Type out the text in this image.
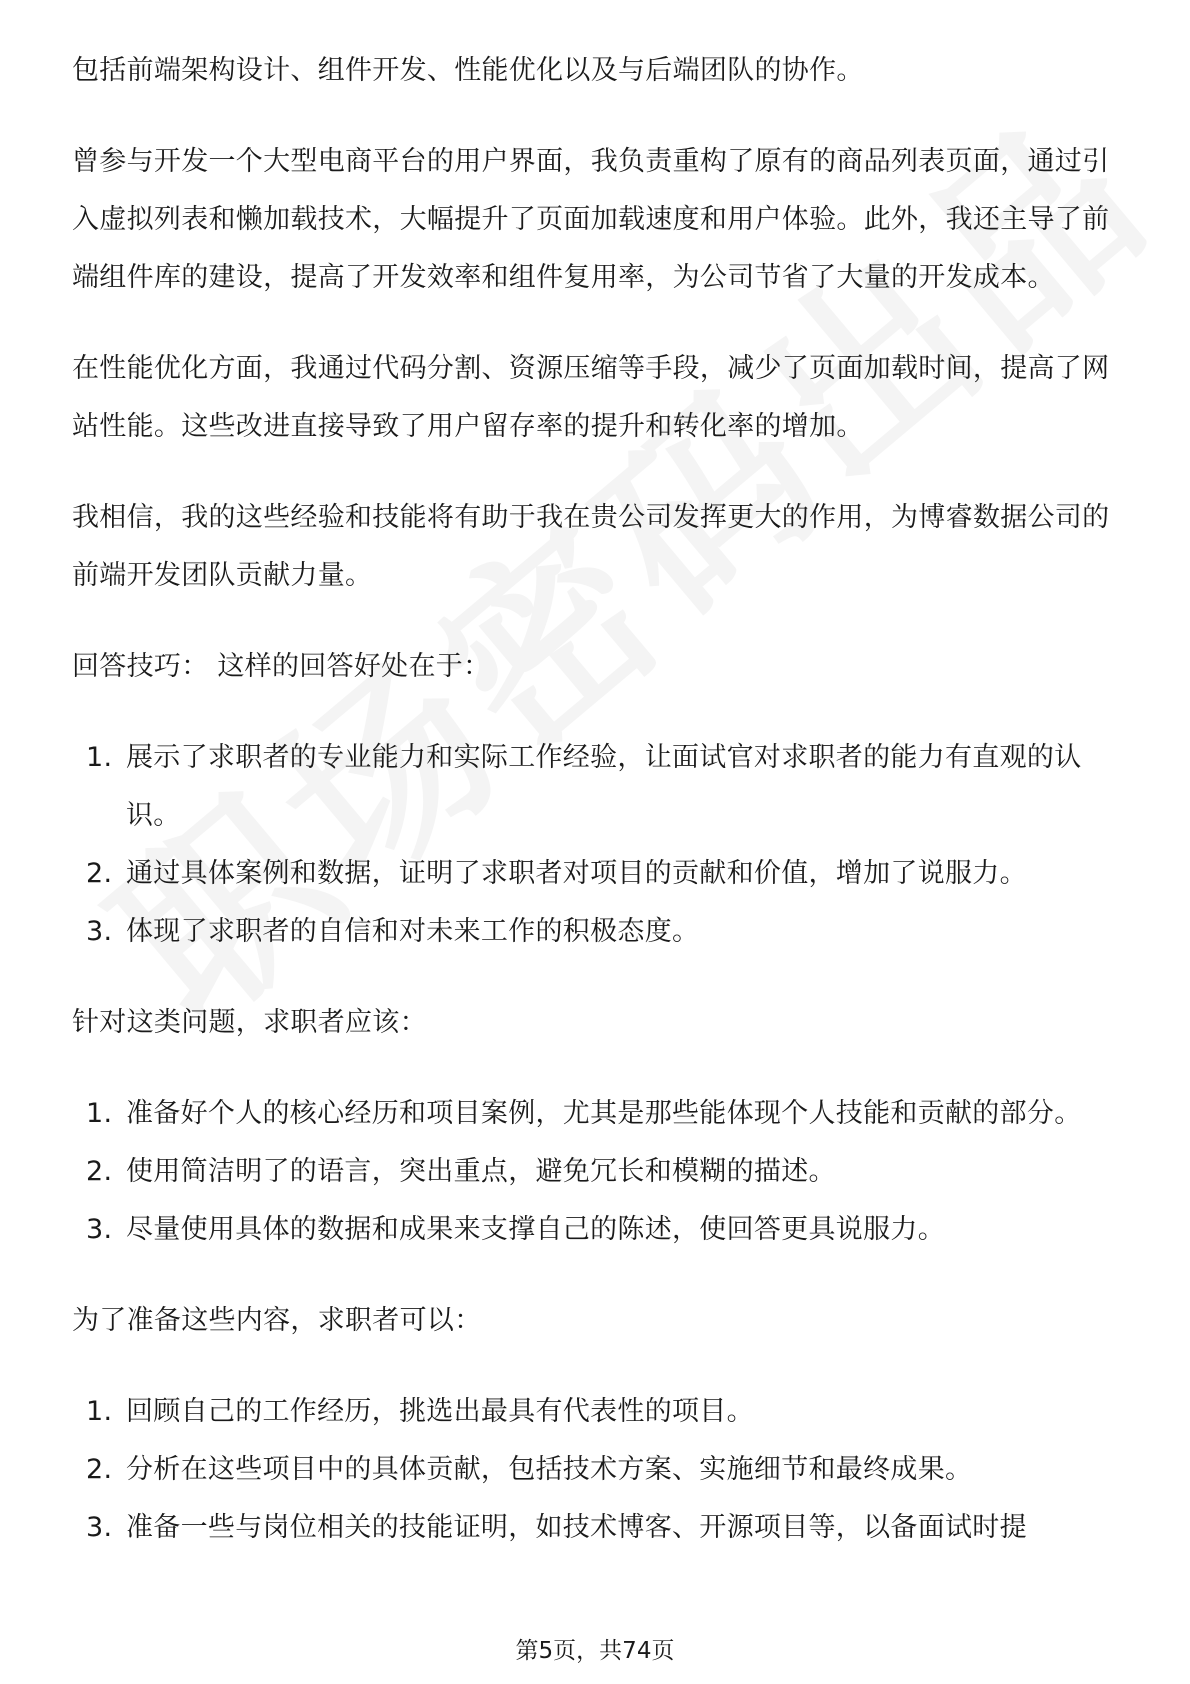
包括前端架构设计、组件开发、性能优化以及与后端团队的协作。

曾参与开发一个大型电商平台的用户界面，我负责重构了原有的商品列表页面，通过引入虚拟列表和懒加载技术，大幅提升了页面加载速度和用户体验。此外，我还主导了前端组件库的建设，提高了开发效率和组件复用率，为公司节省了大量的开发成本。

在性能优化方面，我通过代码分割、资源压缩等手段，减少了页面加载时间，提高了网站性能。这些改进直接导致了用户留存率的提升和转化率的增加。

我相信，我的这些经验和技能将有助于我在贵公司发挥更大的作用，为博睿数据公司的前端开发团队贡献力量。

回答技巧： 这样的回答好处在于：

1. 展示了求职者的专业能力和实际工作经验，让面试官对求职者的能力有直观的认识。
2. 通过具体案例和数据，证明了求职者对项目的贡献和价值，增加了说服力。
3. 体现了求职者的自信和对未来工作的积极态度。

针对这类问题，求职者应该：

1. 准备好个人的核心经历和项目案例，尤其是那些能体现个人技能和贡献的部分。
2. 使用简洁明了的语言，突出重点，避免冗长和模糊的描述。
3. 尽量使用具体的数据和成果来支撑自己的陈述，使回答更具说服力。

为了准备这些内容，求职者可以：

1. 回顾自己的工作经历，挑选出最具有代表性的项目。
2. 分析在这些项目中的具体贡献，包括技术方案、实施细节和最终成果。
3. 准备一些与岗位相关的技能证明，如技术博客、开源项目等，以备面试时提
第5页，共74页
